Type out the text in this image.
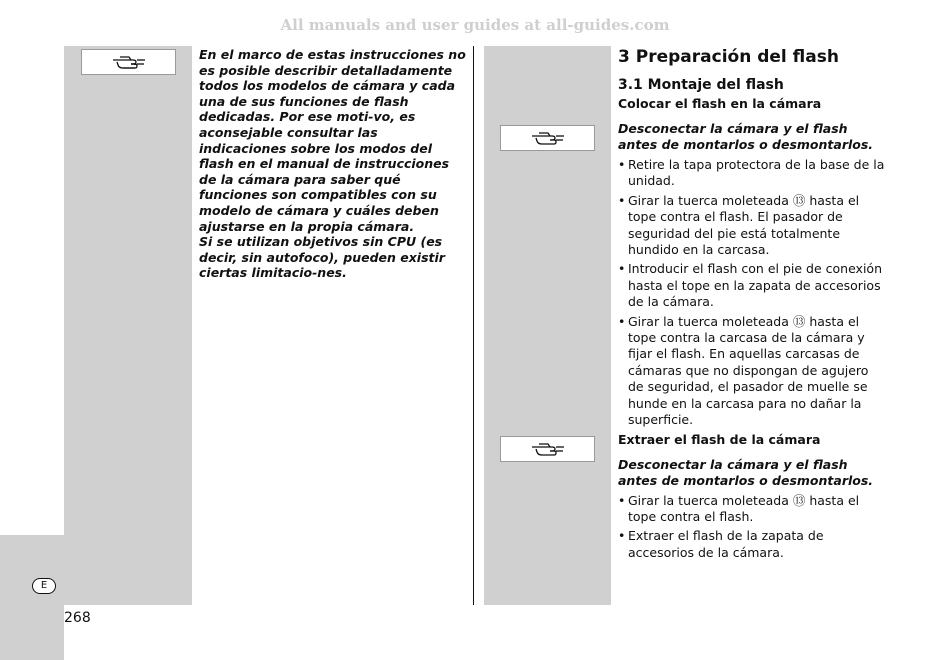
All manuals and user guides at all-guides.com
E

En el marco de estas instrucciones no es posible describir detalladamente todos los modelos de cámara y cada una de sus funciones de flash dedicadas. Por ese moti-vo, es aconsejable consultar las indicaciones sobre los modos del flash en el manual de instrucciones de la cámara para saber qué funciones son compatibles con su modelo de cámara y cuáles deben ajustarse en la propia cámara.

Si se utilizan objetivos sin CPU (es decir, sin autofoco), pueden existir ciertas limitacio-nes.

3 Preparación del flash

3.1 Montaje del flash

Colocar el flash en la cámara

Desconectar la cámara y el flash antes de montarlos o desmontarlos.

• Retire la tapa protectora de la base de la unidad.
• Girar la tuerca moleteada ⑬ hasta el tope contra el flash. El pasador de seguridad del pie está totalmente hundido en la carcasa.
• Introducir el flash con el pie de conexión hasta el tope en la zapata de accesorios de la cámara.
• Girar la tuerca moleteada ⑬ hasta el tope contra la carcasa de la cámara y fijar el flash. En aquellas carcasas de cámaras que no dispongan de agujero de seguridad, el pasador de muelle se hunde en la carcasa para no dañar la superficie.

Extraer el flash de la cámara

Desconectar la cámara y el flash antes de montarlos o desmontarlos.

• Girar la tuerca moleteada ⑬ hasta el tope contra el flash.
• Extraer el flash de la zapata de accesorios de la cámara.
268
